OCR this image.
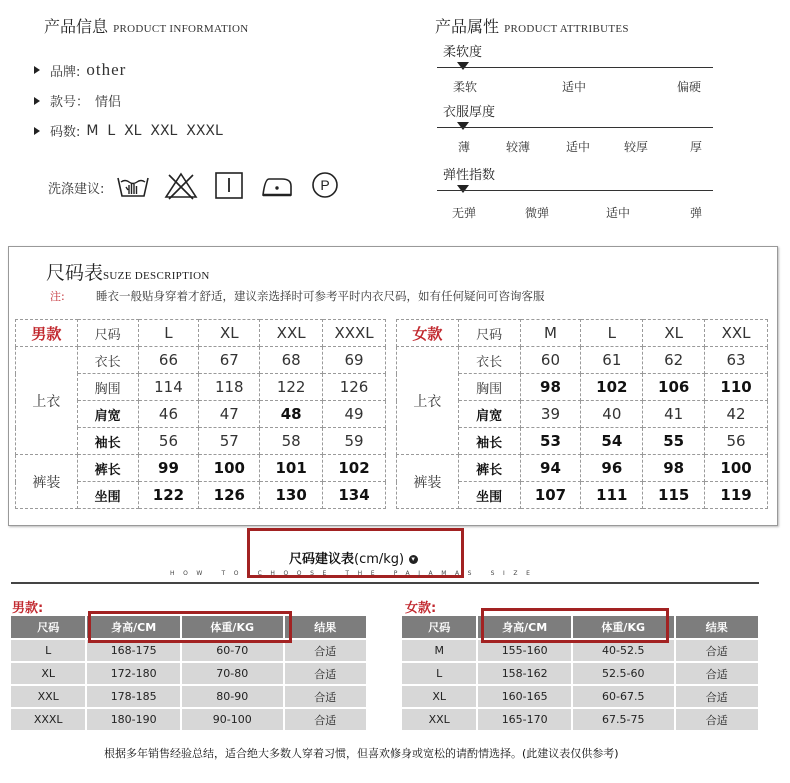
产品信息 PRODUCT INFORMATION
品牌: other
款号： 情侣
码数: M  L  XL  XXL  XXXL
洗涤建议:	P
产品属性 PRODUCT ATTRIBUTES
柔软度
柔软	适中	偏硬
衣服厚度
薄	较薄	适中	较厚	厚
弹性指数
无弹	微弹	适中	弹
尺码表SUZE DESCRIPTION
注:	睡衣一般贴身穿着才舒适，建议亲选择时可参考平时内衣尺码，如有任何疑问可咨询客服
男款	尺码	L	XL	XXL	XXXL
上衣	衣长	66	67	68	69
	胸围	114	118	122	126
	肩宽	46	47	48	49
	袖长	56	57	58	59
裤装	裤长	99	100	101	102
	坐围	122	126	130	134
女款	尺码	M	L	XL	XXL
上衣	衣长	60	61	62	63
	胸围	98	102	106	110
	肩宽	39	40	41	42
	袖长	53	54	55	56
裤装	裤长	94	96	98	100
	坐围	107	111	115	119
尺码建议表(cm/kg) ▾
HOW TO CHOOSE THE PAJAMAS SIZE
男款:	女款:
尺码	身高/CM	体重/KG	结果
L	168-175	60-70	合适
XL	172-180	70-80	合适
XXL	178-185	80-90	合适
XXXL	180-190	90-100	合适
尺码	身高/CM	体重/KG	结果
M	155-160	40-52.5	合适
L	158-162	52.5-60	合适
XL	160-165	60-67.5	合适
XXL	165-170	67.5-75	合适
根据多年销售经验总结，适合绝大多数人穿着习惯，但喜欢修身或宽松的请酌情选择。(此建议表仅供参考)
